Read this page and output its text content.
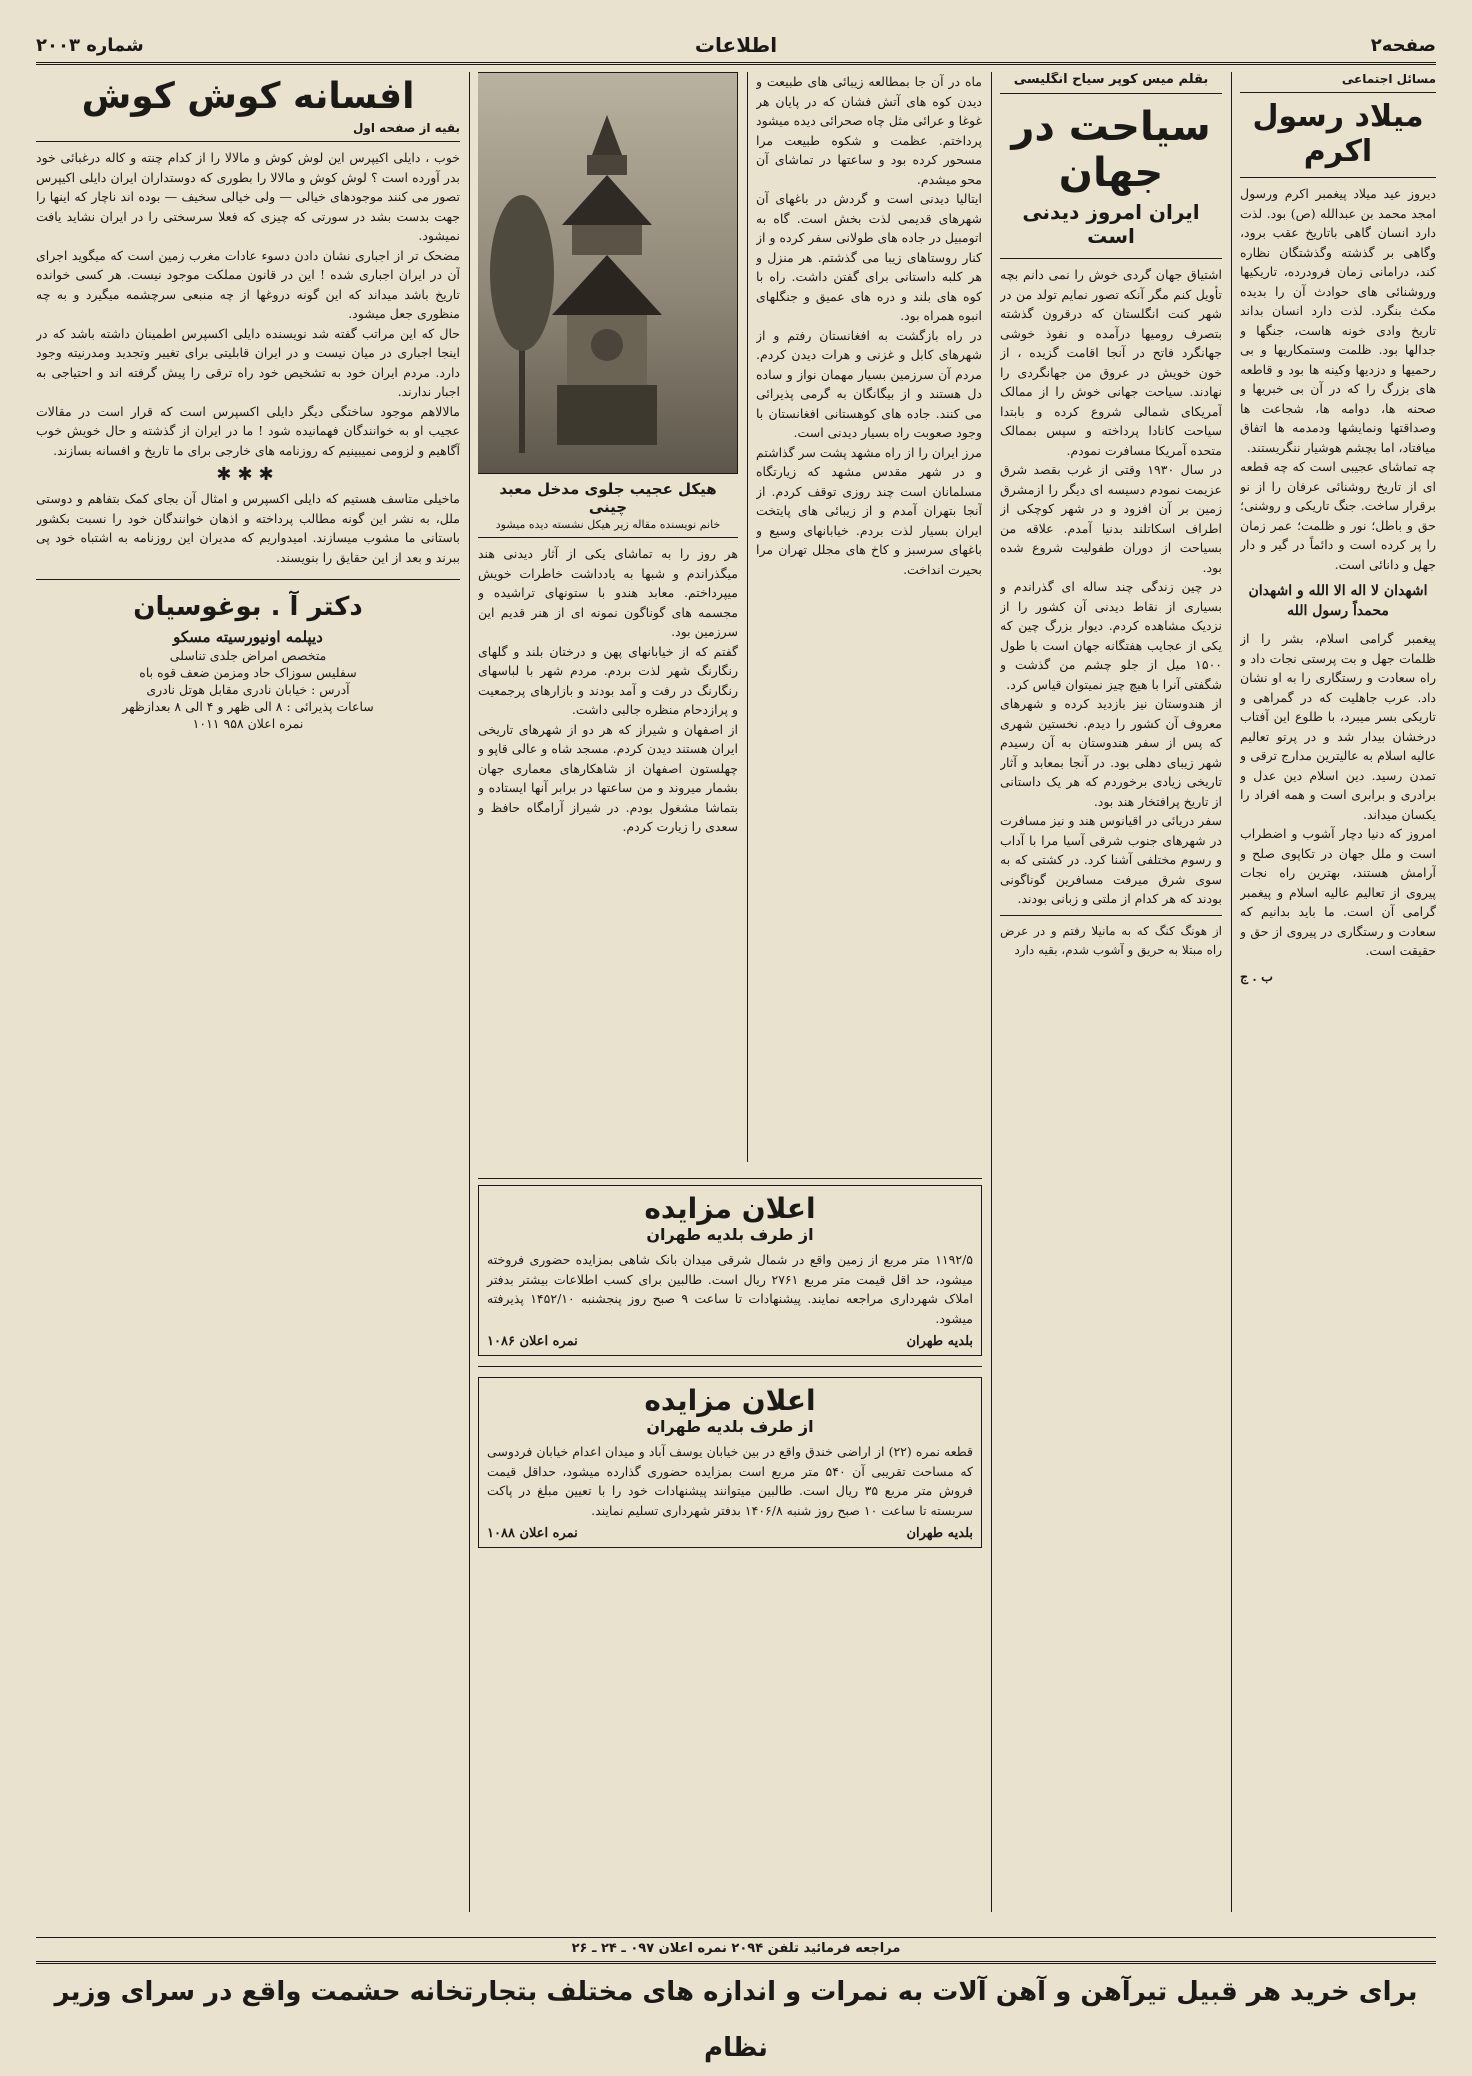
صفحه۲
اطلاعات
شماره ۲۰۰۳
مسائل اجتماعی
میلاد رسول اکرم

دیروز عید میلاد پیغمبر اکرم ورسول امجد محمد بن عبدالله (ص) بود. لذت دارد انسان گاهی باتاریخ عقب برود، وگاهی بر گذشته وگذشتگان نظاره کند، درامانی زمان فرودرده، تاریکیها وروشنائی های حوادث آن را بدیده مکث بنگرد. لذت دارد انسان بداند تاریخ وادی خونه هاست، جنگها و جدالها بود. ظلمت وستمکاریها و بی رحمیها و دزدیها وکینه ها بود و قاطعه های بزرگ را که در آن بی خبریها و صحنه ها، دوامه ها، شجاعت ها وصداقتها ونمایشها ودمدمه ها اتفاق میافتاد، اما بچشم هوشیار ننگریستند.

چه تماشای عجیبی است که چه قطعه ای از تاریخ روشنائی عرفان را از نو برقرار ساخت. جنگ تاریکی و روشنی؛ حق و باطل؛ نور و ظلمت؛ عمر زمان را پر کرده است و دائماً در گیر و دار جهل و دانائی است.

اشهدان لا اله الا الله و اشهدان محمداً رسول الله

پیغمبر گرامی اسلام، بشر را از ظلمات جهل و بت پرستی نجات داد و راه سعادت و رستگاری را به او نشان داد. عرب جاهلیت که در گمراهی و تاریکی بسر میبرد، با طلوع این آفتاب درخشان بیدار شد و در پرتو تعالیم عالیه اسلام به عالیترین مدارج ترقی و تمدن رسید. دین اسلام دین عدل و برادری و برابری است و همه افراد را یکسان میداند.

امروز که دنیا دچار آشوب و اضطراب است و ملل جهان در تکاپوی صلح و آرامش هستند، بهترین راه نجات پیروی از تعالیم عالیه اسلام و پیغمبر گرامی آن است. ما باید بدانیم که سعادت و رستگاری در پیروی از حق و حقیقت است.

ب . ج

بقلم میس کوپر سیاح انگلیسی
سیاحت در جهان
ایران امروز دیدنی است

اشتیاق جهان گردی خوش را نمی دانم بچه تأویل کنم مگر آنکه تصور نمایم تولد من در شهر کنت انگلستان که درقرون گذشته بتصرف رومیها درآمده و نفوذ خوشی جهانگرد فاتح در آنجا اقامت گزیده ، از خون خویش در عروق من جهانگردی را نهادند. سیاحت جهانی خوش را از ممالک آمریکای شمالی شروع کرده و بابتدا سیاحت کانادا پرداخته و سپس بممالک متحده آمریکا مسافرت نمودم.

در سال ۱۹۳۰ وقتی از غرب بقصد شرق عزیمت نمودم دسیسه ای دیگر را ازمشرق زمین بر آن افزود و در شهر کوچکی از اطراف اسکاتلند بدنیا آمدم. علاقه من بسیاحت از دوران طفولیت شروع شده بود.

در چین زندگی چند ساله ای گذراندم و بسیاری از نقاط دیدنی آن کشور را از نزدیک مشاهده کردم. دیوار بزرگ چین که یکی از عجایب هفتگانه جهان است با طول ۱۵۰۰ میل از جلو چشم من گذشت و شگفتی آنرا با هیچ چیز نمیتوان قیاس کرد.

از هندوستان نیز بازدید کرده و شهرهای معروف آن کشور را دیدم. نخستین شهری که پس از سفر هندوستان به آن رسیدم شهر زیبای دهلی بود. در آنجا بمعابد و آثار تاریخی زیادی برخوردم که هر یک داستانی از تاریخ پرافتخار هند بود.

سفر دریائی در اقیانوس هند و نیز مسافرت در شهرهای جنوب شرقی آسیا مرا با آداب و رسوم مختلفی آشنا کرد. در کشتی که به سوی شرق میرفت مسافرین گوناگونی بودند که هر کدام از ملتی و زبانی بودند.

از هونگ کنگ که به مانیلا رفتم و در عرض راه مبتلا به حریق و آشوب شدم، بقیه دارد

ماه در آن جا بمطالعه زیبائی های طبیعت و دیدن کوه های آتش فشان که در پایان هر غوغا و عرائی مثل چاه صحرائی دیده میشود پرداختم. عظمت و شکوه طبیعت مرا مسحور کرده بود و ساعتها در تماشای آن محو میشدم.

ایتالیا دیدنی است و گردش در باغهای آن شهرهای قدیمی لذت بخش است. گاه به اتومبیل در جاده های طولانی سفر کرده و از کنار روستاهای زیبا می گذشتم. هر منزل و هر کلبه داستانی برای گفتن داشت. راه با کوه های بلند و دره های عمیق و جنگلهای انبوه همراه بود.

در راه بازگشت به افغانستان رفتم و از شهرهای کابل و غزنی و هرات دیدن کردم. مردم آن سرزمین بسیار مهمان نواز و ساده دل هستند و از بیگانگان به گرمی پذیرائی می کنند. جاده های کوهستانی افغانستان با وجود صعوبت راه بسیار دیدنی است.

مرز ایران را از راه مشهد پشت سر گذاشتم و در شهر مقدس مشهد که زیارتگاه مسلمانان است چند روزی توقف کردم. از آنجا بتهران آمدم و از زیبائی های پایتخت ایران بسیار لذت بردم. خیابانهای وسیع و باغهای سرسبز و کاخ های مجلل تهران مرا بحیرت انداخت.

هیکل عجیب جلوی مدخل معبد چینی
خانم نویسنده مقاله زیر هیکل نشسته دیده میشود

هر روز را به تماشای یکی از آثار دیدنی هند میگذراندم و شبها به یادداشت خاطرات خویش میپرداختم. معابد هندو با ستونهای تراشیده و مجسمه های گوناگون نمونه ای از هنر قدیم این سرزمین بود.

گفتم که از خیابانهای پهن و درختان بلند و گلهای رنگارنگ شهر لذت بردم. مردم شهر با لباسهای رنگارنگ در رفت و آمد بودند و بازارهای پرجمعیت و پرازدحام منظره جالبی داشت.

از اصفهان و شیراز که هر دو از شهرهای تاریخی ایران هستند دیدن کردم. مسجد شاه و عالی قاپو و چهلستون اصفهان از شاهکارهای معماری جهان بشمار میروند و من ساعتها در برابر آنها ایستاده و بتماشا مشغول بودم. در شیراز آرامگاه حافظ و سعدی را زیارت کردم.

اعلان مزایده
از طرف بلدیه طهران

۱۱۹۲/۵ متر مربع از زمین واقع در شمال شرقی میدان بانک شاهی بمزایده حضوری فروخته میشود، حد اقل قیمت متر مربع ۲۷۶۱ ریال است. طالبین برای کسب اطلاعات بیشتر بدفتر املاک شهرداری مراجعه نمایند. پیشنهادات تا ساعت ۹ صبح روز پنجشنبه ۱۴۵۲/۱۰ پذیرفته میشود.

بلدیه طهران
نمره اعلان ۱۰۸۶
اعلان مزایده
از طرف بلدیه طهران

قطعه نمره (۲۲) از اراضی خندق واقع در بین خیابان یوسف آباد و میدان اعدام خیابان فردوسی که مساحت تقریبی آن ۵۴۰ متر مربع است بمزایده حضوری گذارده میشود، حداقل قیمت فروش متر مربع ۳۵ ریال است. طالبین میتوانند پیشنهادات خود را با تعیین مبلغ در پاکت سربسته تا ساعت ۱۰ صبح روز شنبه ۱۴۰۶/۸ بدفتر شهرداری تسلیم نمایند.

بلدیه طهران
نمره اعلان ۱۰۸۸
افسانه کوش کوش
بقیه از صفحه اول

خوب ، دایلی اکیپرس این لوش کوش و مالالا را از کدام چنته و کاله درغبائی خود بدر آورده است ؟ لوش کوش و مالالا را بطوری که دوستداران ایران دایلی اکیپرس تصور می کنند موجودهای خیالی — ولی خیالی سخیف — بوده اند ناچار که اینها را جهت بدست بشد در سورتی که چیزی که فعلا سرسختی را در ایران نشاید یافت نمیشود.

مضحک تر از اجباری نشان دادن دسوء عادات مغرب زمین است که میگوید اجرای آن در ایران اجباری شده ! این در قانون مملکت موجود نیست. هر کسی خوانده تاریخ باشد میداند که این گونه دروغها از چه منبعی سرچشمه میگیرد و به چه منظوری جعل میشود.

حال که این مراتب گفته شد نویسنده دایلی اکسپرس اطمینان داشته باشد که در اینجا اجباری در میان نیست و در ایران قابلیتی برای تغییر وتجدید ومدرنیته وجود دارد. مردم ایران خود به تشخیص خود راه ترقی را پیش گرفته اند و احتیاجی به اجبار ندارند.

مالالاهم موجود ساختگی دیگر دایلی اکسپرس است که قرار است در مقالات عجیب او به خوانندگان فهمانیده شود ! ما در ایران از گذشته و حال خویش خوب آگاهیم و لزومی نمیبینیم که روزنامه های خارجی برای ما تاریخ و افسانه بسازند.

✱✱✱

ماخیلی متاسف هستیم که دایلی اکسپرس و امثال آن بجای کمک بتفاهم و دوستی ملل، به نشر این گونه مطالب پرداخته و اذهان خوانندگان خود را نسبت بکشور باستانی ما مشوب میسازند. امیدواریم که مدیران این روزنامه به اشتباه خود پی ببرند و بعد از این حقایق را بنویسند.

دکتر آ . بوغوسیان

دیپلمه اونیورسیته مسکو

متخصص امراض جلدی تناسلی

سفلیس سوزاک حاد ومزمن ضعف قوه باه

آدرس : خیابان نادری مقابل هوتل نادری

ساعات پذیرائی : ۸ الی ظهر و ۴ الی ۸ بعدازظهر

نمره اعلان ۹۵۸ ۱۰۱۱

مراجعه فرمائید تلفن ۲۰۹۴ نمره اعلان ۰۹۷ ـ ۲۴ ـ ۲۶
برای خرید هر قبیل تیرآهن و آهن آلات به نمرات و اندازه های مختلف بتجارتخانه حشمت واقع در سرای وزیر نظام
